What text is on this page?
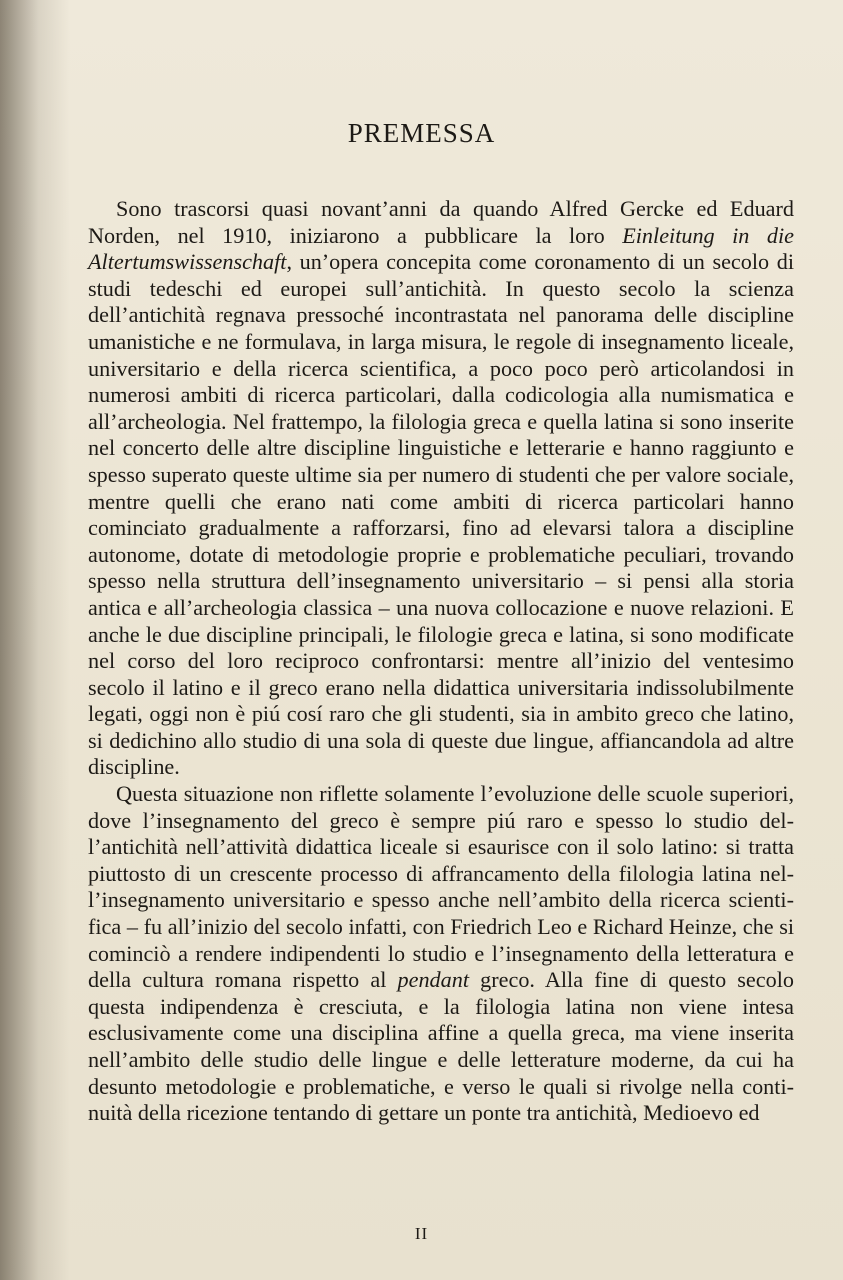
PREMESSA

Sono trascorsi quasi novant’anni da quando Alfred Gercke ed Eduard Norden, nel 1910, iniziarono a pubblicare la loro Einleitung in die Altertumswissenschaft, un’opera concepita come coronamento di un secolo di studi tedeschi ed europei sull’antichità. In questo secolo la scienza dell’antichità regnava pressoché incontrastata nel panorama delle discipline umanistiche e ne formulava, in larga misura, le regole di insegnamento liceale, universitario e della ricerca scientifica, a poco poco però articolandosi in numerosi ambiti di ricerca particolari, dalla codicologia alla numismatica e all’archeologia. Nel frattempo, la filologia greca e quella latina si sono inserite nel concerto delle altre discipline linguistiche e letterarie e hanno raggiunto e spesso superato queste ultime sia per numero di studenti che per valore sociale, mentre quelli che erano nati come ambiti di ricerca particolari hanno cominciato gradualmente a rafforzarsi, fino ad elevarsi talora a discipline autonome, dotate di metodologie proprie e problematiche peculiari, trovando spesso nella struttura dell’insegnamento universitario – si pensi alla storia antica e all’archeologia classica – una nuova collocazione e nuove relazioni. E anche le due discipline principali, le filologie greca e latina, si sono modificate nel corso del loro reciproco confrontarsi: mentre all’inizio del ventesimo secolo il latino e il greco erano nella didattica universitaria indissolubilmente legati, oggi non è piú cosí raro che gli studenti, sia in ambito greco che latino, si dedichino allo studio di una sola di queste due lingue, affiancandola ad altre discipline.

Questa situazione non riflette solamente l’evoluzione delle scuole superiori, dove l’insegnamento del greco è sempre piú raro e spesso lo studio dell’antichità nell’attività didattica liceale si esaurisce con il solo latino: si tratta piuttosto di un crescente processo di affrancamento della filologia latina nell’insegnamento universitario e spesso anche nell’ambito della ricerca scientifica – fu all’inizio del secolo infatti, con Friedrich Leo e Richard Heinze, che si cominciò a rendere indipendenti lo studio e l’insegnamento della letteratura e della cultura romana rispetto al pendant greco. Alla fine di questo secolo questa indipendenza è cresciuta, e la filologia latina non viene intesa esclusivamente come una disciplina affine a quella greca, ma viene inserita nell’ambito delle studio delle lingue e delle letterature moderne, da cui ha desunto metodologie e problematiche, e verso le quali si rivolge nella continuità della ricezione tentando di gettare un ponte tra antichità, Medioevo ed

II
